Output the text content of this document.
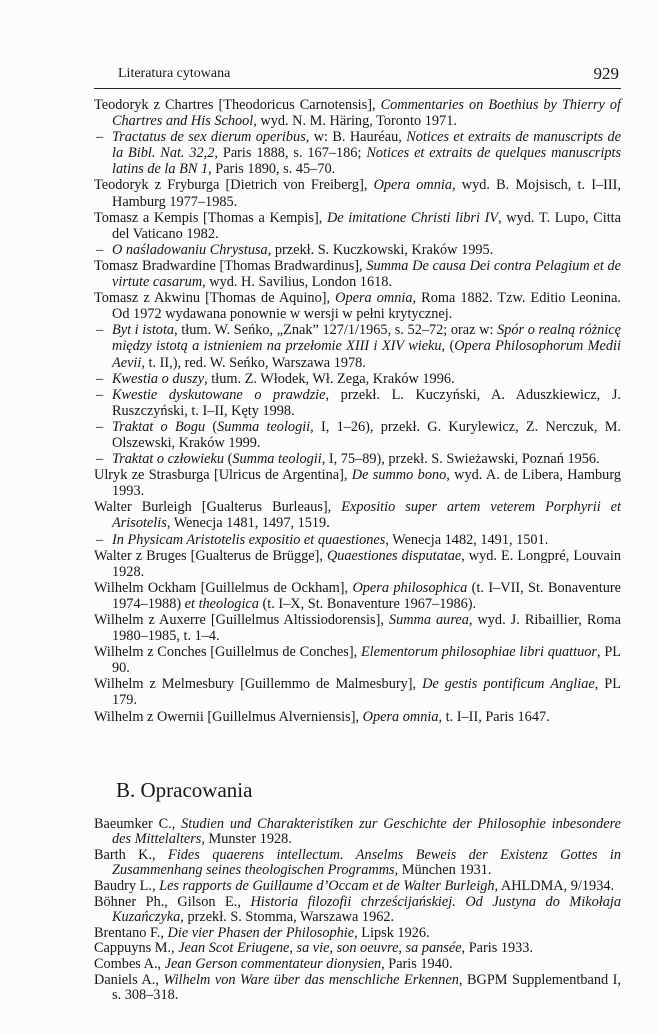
Literatura cytowana	929
Teodoryk z Chartres [Theodoricus Carnotensis], Commentaries on Boethius by Thierry of Chartres and His School, wyd. N. M. Häring, Toronto 1971.
– Tractatus de sex dierum operibus, w: B. Hauréau, Notices et extraits de manuscripts de la Bibl. Nat. 32,2, Paris 1888, s. 167–186; Notices et extraits de quelques manuscripts latins de la BN 1, Paris 1890, s. 45–70.
Teodoryk z Fryburga [Dietrich von Freiberg], Opera omnia, wyd. B. Mojsisch, t. I–III, Hamburg 1977–1985.
Tomasz a Kempis [Thomas a Kempis], De imitatione Christi libri IV, wyd. T. Lupo, Citta del Vaticano 1982.
– O naśladowaniu Chrystusa, przekł. S. Kuczkowski, Kraków 1995.
Tomasz Bradwardine [Thomas Bradwardinus], Summa De causa Dei contra Pelagium et de virtute casarum, wyd. H. Savilius, London 1618.
Tomasz z Akwinu [Thomas de Aquino], Opera omnia, Roma 1882. Tzw. Editio Leonina. Od 1972 wydawana ponownie w wersji w pełni krytycznej.
– Byt i istota, tłum. W. Seńko, „Znak” 127/1/1965, s. 52–72; oraz w: Spór o realną różnicę między istotą a istnieniem na przełomie XIII i XIV wieku, (Opera Philosophorum Medii Aevii, t. II,), red. W. Seńko, Warszawa 1978.
– Kwestia o duszy, tłum. Z. Włodek, Wł. Zega, Kraków 1996.
– Kwestie dyskutowane o prawdzie, przekł. L. Kuczyński, A. Aduszkiewicz, J. Ruszczyński, t. I–II, Kęty 1998.
– Traktat o Bogu (Summa teologii, I, 1–26), przekł. G. Kurylewicz, Z. Nerczuk, M. Olszewski, Kraków 1999.
– Traktat o człowieku (Summa teologii, I, 75–89), przekł. S. Swieżawski, Poznań 1956.
Ulryk ze Strasburga [Ulricus de Argentina], De summo bono, wyd. A. de Libera, Hamburg 1993.
Walter Burleigh [Gualterus Burleaus], Expositio super artem veterem Porphyrii et Arisotelis, Wenecja 1481, 1497, 1519.
– In Physicam Aristotelis expositio et quaestiones, Wenecja 1482, 1491, 1501.
Walter z Bruges [Gualterus de Brügge], Quaestiones disputatae, wyd. E. Longpré, Louvain 1928.
Wilhelm Ockham [Guillelmus de Ockham], Opera philosophica (t. I–VII, St. Bonaventure 1974–1988) et theologica (t. I–X, St. Bonaventure 1967–1986).
Wilhelm z Auxerre [Guillelmus Altissiodorensis], Summa aurea, wyd. J. Ribaillier, Roma 1980–1985, t. 1–4.
Wilhelm z Conches [Guillelmus de Conches], Elementorum philosophiae libri quattuor, PL 90.
Wilhelm z Melmesbury [Guillemmo de Malmesbury], De gestis pontificum Angliae, PL 179.
Wilhelm z Owernii [Guillelmus Alverniensis], Opera omnia, t. I–II, Paris 1647.
B. Opracowania
Baeumker C., Studien und Charakteristiken zur Geschichte der Philosophie inbesondere des Mittelalters, Munster 1928.
Barth K., Fides quaerens intellectum. Anselms Beweis der Existenz Gottes in Zusammenhang seines theologischen Programms, München 1931.
Baudry L., Les rapports de Guillaume d’Occam et de Walter Burleigh, AHLDMA, 9/1934.
Böhner Ph., Gilson E., Historia filozofii chrześcijańskiej. Od Justyna do Mikołaja Kuzańczyka, przekł. S. Stomma, Warszawa 1962.
Brentano F., Die vier Phasen der Philosophie, Lipsk 1926.
Cappuyns M., Jean Scot Eriugene, sa vie, son oeuvre, sa pansée, Paris 1933.
Combes A., Jean Gerson commentateur dionysien, Paris 1940.
Daniels A., Wilhelm von Ware über das menschliche Erkennen, BGPM Supplementband I, s. 308–318.
